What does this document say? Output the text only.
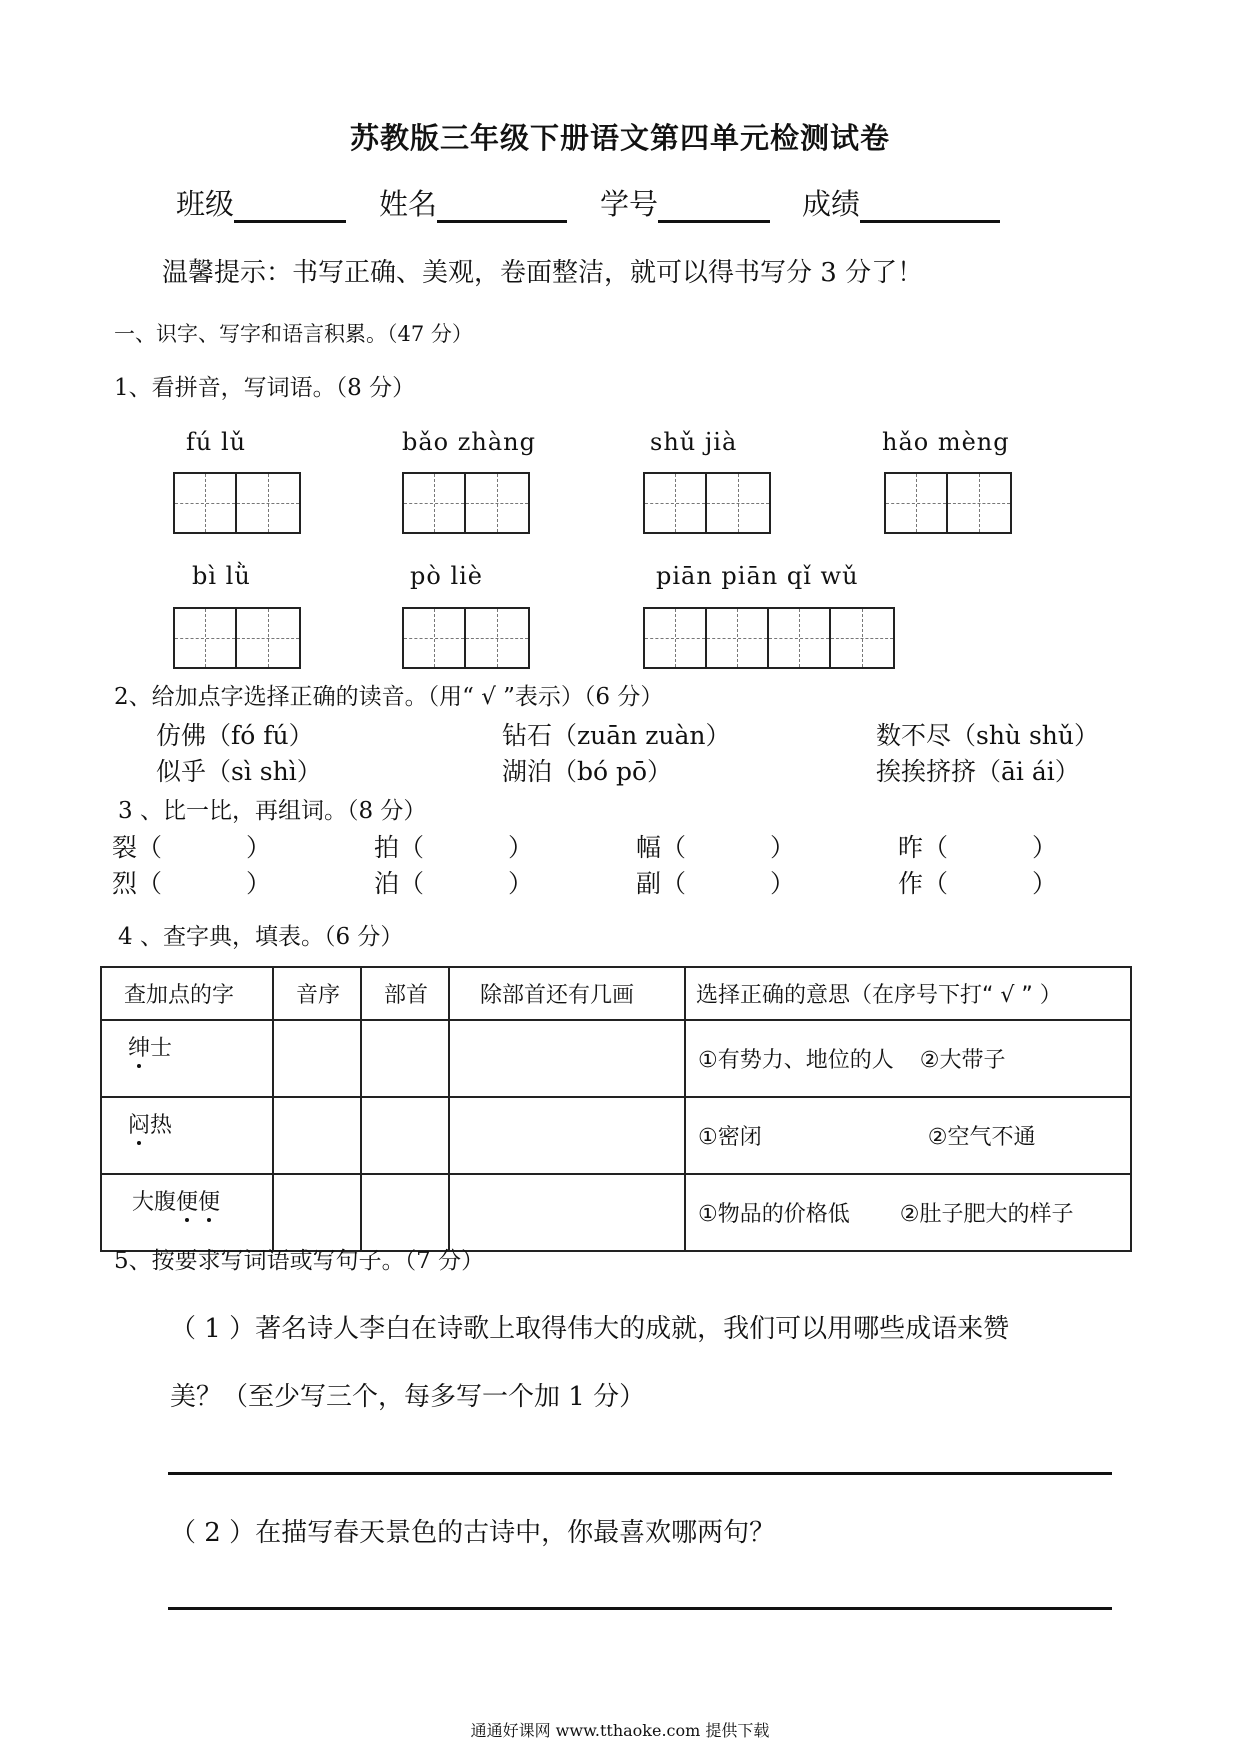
苏教版三年级下册语文第四单元检测试卷
班级	姓名	学号	成绩
温馨提示：书写正确、美观，卷面整洁，就可以得书写分 3 分了！
一、识字、写字和语言积累。（47 分）
1、看拼音，写词语。（8 分）
fú lǔ	bǎo zhàng	shǔ jià	hǎo mèng
bì lǜ	pò liè	piān piān qǐ wǔ
2、给加点字选择正确的读音。（用“ √ ”表示）（6 分）
仿佛（fó fú）	钻石（zuān zuàn）	数不尽（shù shǔ）
似乎（sì shì）	湖泊（bó pō）	挨挨挤挤（āi ái）
3 、比一比，再组词。（8 分）
裂（	）	拍（	）	幅（	）	昨（	）
烈（	）	泊（	）	副（	）	作（	）
4 、查字典，填表。（6 分）
查加点的字	音序	部首	除部首还有几画	选择正确的意思（在序号下打“ √ ” ）
绅士				①有势力、地位的人 ②大带子
闷热				①密闭 ②空气不通
大腹便便				①物品的价格低 ②肚子肥大的样子
5、按要求写词语或写句子。（7 分）
（ 1 ）著名诗人李白在诗歌上取得伟大的成就，我们可以用哪些成语来赞
美？（至少写三个，每多写一个加 1 分）
（ 2 ）在描写春天景色的古诗中，你最喜欢哪两句？
通通好课网 www.tthaoke.com 提供下载
